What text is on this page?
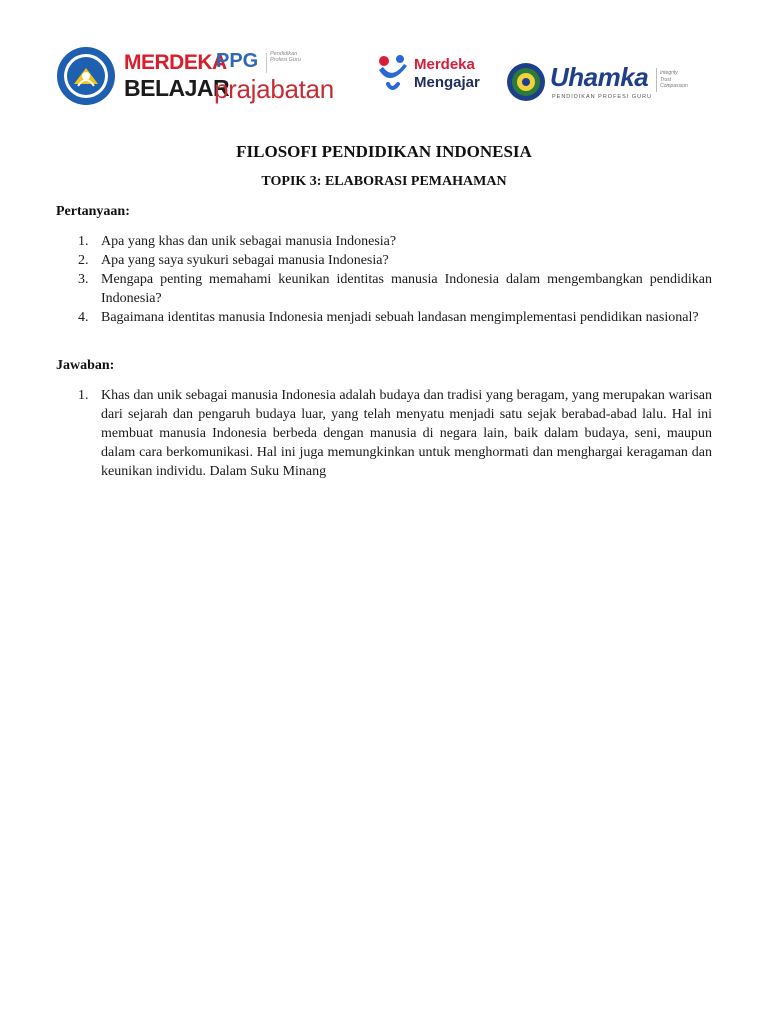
MERDEKA
BELAJAR
PPG Pendidikan Profesi Guru
prajabatan
Merdeka
Mengajar	Uhamka
PENDIDIKAN PROFESI GURU
Integrity
Trust
Compassion
FILOSOFI PENDIDIKAN INDONESIA
TOPIK 3: ELABORASI PEMAHAMAN
Pertanyaan:
1. Apa yang khas dan unik sebagai manusia Indonesia?
2. Apa yang saya syukuri sebagai manusia Indonesia?
3. Mengapa penting memahami keunikan identitas manusia Indonesia dalam mengembangkan pendidikan Indonesia?
4. Bagaimana identitas manusia Indonesia menjadi sebuah landasan mengimplementasi pendidikan nasional?
Jawaban:
1. Khas dan unik sebagai manusia Indonesia adalah budaya dan tradisi yang beragam, yang merupakan warisan dari sejarah dan pengaruh budaya luar, yang telah menyatu menjadi satu sejak berabad-abad lalu. Hal ini membuat manusia Indonesia berbeda dengan manusia di negara lain, baik dalam budaya, seni, maupun dalam cara berkomunikasi. Hal ini juga memungkinkan untuk menghormati dan menghargai keragaman dan keunikan individu. Dalam Suku Minang
